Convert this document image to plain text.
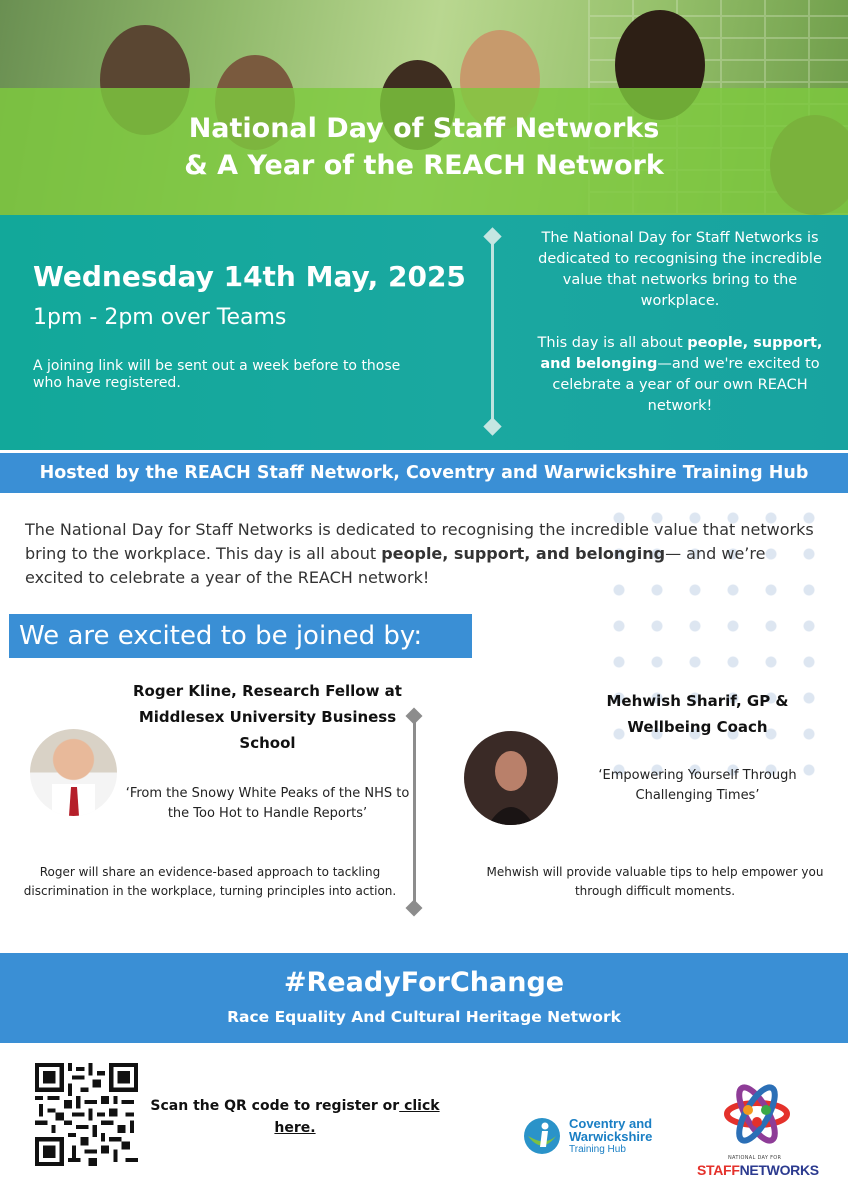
National Day of Staff Networks
& A Year of the REACH Network
Wednesday 14th May, 2025
1pm - 2pm over Teams
A joining link will be sent out a week before to those who have registered.

The National Day for Staff Networks is dedicated to recognising the incredible value that networks bring to the workplace.

This day is all about people, support, and belonging—and we're excited to celebrate a year of our own REACH network!

Hosted by the REACH Staff Network, Coventry and Warwickshire Training Hub
The National Day for Staff Networks is dedicated to recognising the incredible value that networks bring to the workplace. This day is all about people, support, and belonging— and we’re excited to celebrate a year of the REACH network!
We are excited to be joined by:
Roger Kline, Research Fellow at Middlesex University Business School
‘From the Snowy White Peaks of the NHS to the Too Hot to Handle Reports’
Roger will share an evidence-based approach to tackling discrimination in the workplace, turning principles into action.
Mehwish Sharif, GP & Wellbeing Coach
‘Empowering Yourself Through Challenging Times’
Mehwish will provide valuable tips to help empower you through difficult moments.
#ReadyForChange
Race Equality And Cultural Heritage Network
Scan the QR code to register or click here.	Coventry and
Warwickshire
Training Hub
NATIONAL DAY FOR
STAFFNETWORKS
